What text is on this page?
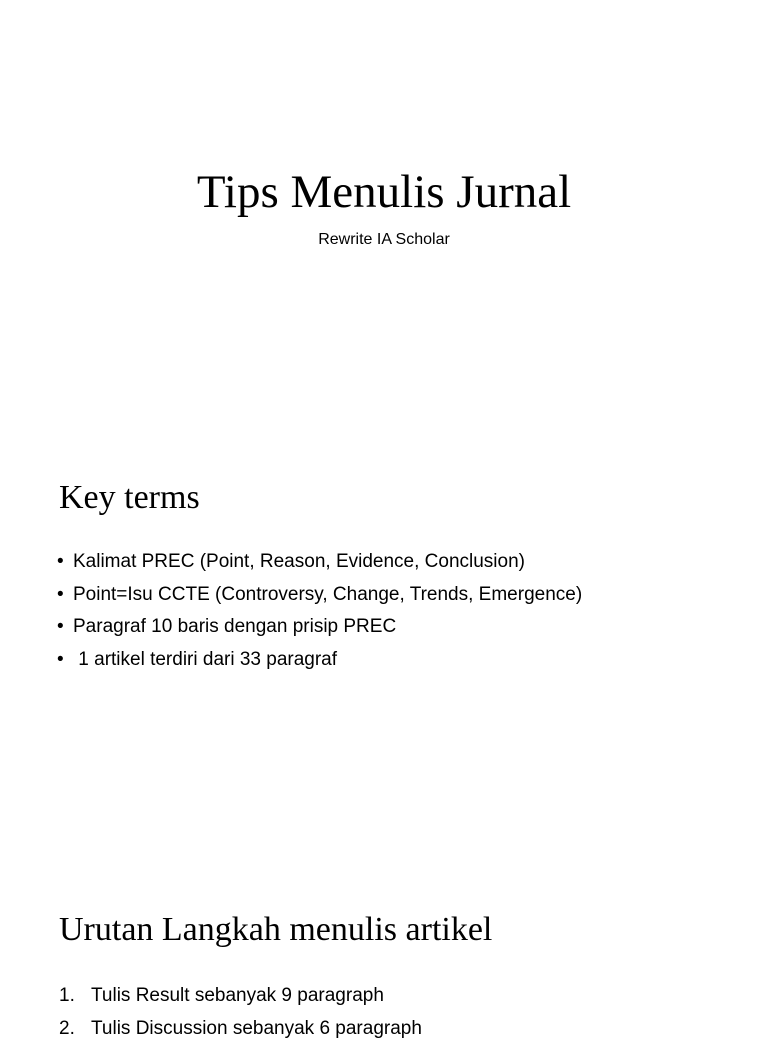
Tips Menulis Jurnal

Rewrite IA Scholar

Key terms
• Kalimat PREC (Point, Reason, Evidence, Conclusion)
• Point=Isu CCTE (Controversy, Change, Trends, Emergence)
• Paragraf 10 baris dengan prisip PREC
• 1 artikel terdiri dari 33 paragraf
Urutan Langkah menulis artikel
1. Tulis Result sebanyak 9 paragraph
2. Tulis Discussion sebanyak 6 paragraph
